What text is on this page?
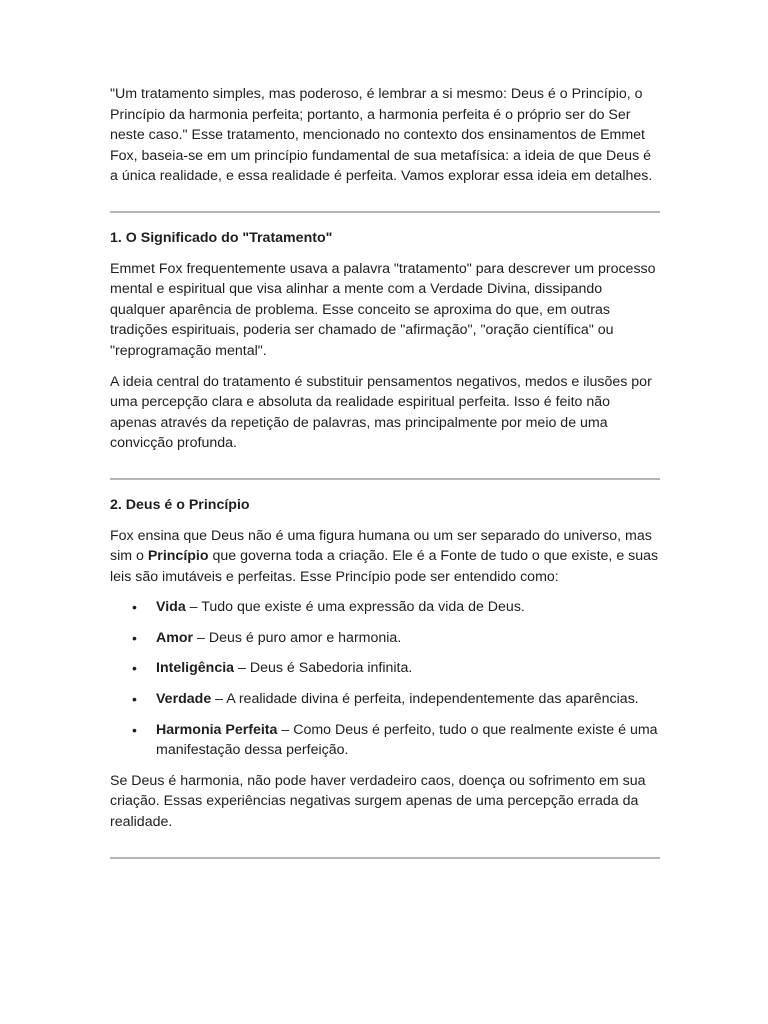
"Um tratamento simples, mas poderoso, é lembrar a si mesmo: Deus é o Princípio, o Princípio da harmonia perfeita; portanto, a harmonia perfeita é o próprio ser do Ser neste caso." Esse tratamento, mencionado no contexto dos ensinamentos de Emmet Fox, baseia-se em um princípio fundamental de sua metafísica: a ideia de que Deus é a única realidade, e essa realidade é perfeita. Vamos explorar essa ideia em detalhes.

1. O Significado do "Tratamento"

Emmet Fox frequentemente usava a palavra "tratamento" para descrever um processo mental e espiritual que visa alinhar a mente com a Verdade Divina, dissipando qualquer aparência de problema. Esse conceito se aproxima do que, em outras tradições espirituais, poderia ser chamado de "afirmação", "oração científica" ou "reprogramação mental".

A ideia central do tratamento é substituir pensamentos negativos, medos e ilusões por uma percepção clara e absoluta da realidade espiritual perfeita. Isso é feito não apenas através da repetição de palavras, mas principalmente por meio de uma convicção profunda.

2. Deus é o Princípio

Fox ensina que Deus não é uma figura humana ou um ser separado do universo, mas sim o Princípio que governa toda a criação. Ele é a Fonte de tudo o que existe, e suas leis são imutáveis e perfeitas. Esse Princípio pode ser entendido como:

• Vida – Tudo que existe é uma expressão da vida de Deus.
• Amor – Deus é puro amor e harmonia.
• Inteligência – Deus é Sabedoria infinita.
• Verdade – A realidade divina é perfeita, independentemente das aparências.
• Harmonia Perfeita – Como Deus é perfeito, tudo o que realmente existe é uma manifestação dessa perfeição.

Se Deus é harmonia, não pode haver verdadeiro caos, doença ou sofrimento em sua criação. Essas experiências negativas surgem apenas de uma percepção errada da realidade.
